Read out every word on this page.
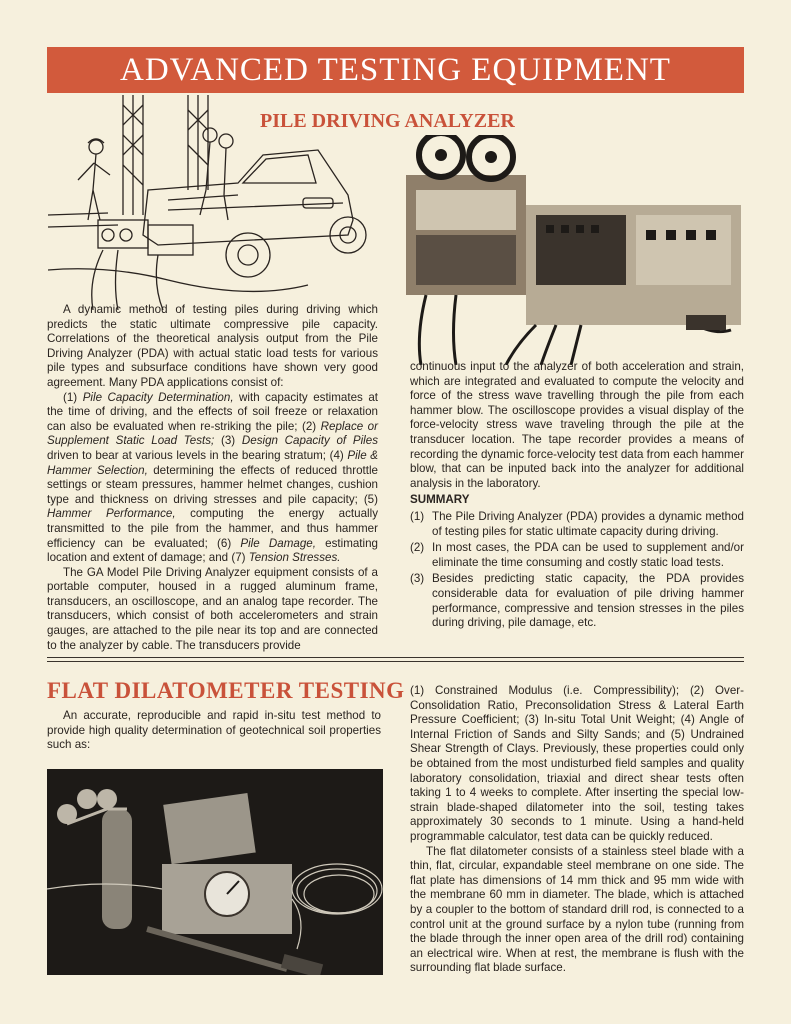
ADVANCED TESTING EQUIPMENT
PILE DRIVING ANALYZER

A dynamic method of testing piles during driving which predicts the static ultimate compressive pile capacity. Correlations of the theoretical analysis output from the Pile Driving Analyzer (PDA) with actual static load tests for various pile types and subsurface conditions have shown very good agreement. Many PDA applications consist of:

(1) Pile Capacity Determination, with capacity estimates at the time of driving, and the effects of soil freeze or relaxation can also be evaluated when re-striking the pile; (2) Replace or Supplement Static Load Tests; (3) Design Capacity of Piles driven to bear at various levels in the bearing stratum; (4) Pile & Hammer Selection, determining the effects of reduced throttle settings or steam pressures, hammer helmet changes, cushion type and thickness on driving stresses and pile capacity; (5) Hammer Performance, computing the energy actually transmitted to the pile from the hammer, and thus hammer efficiency can be evaluated; (6) Pile Damage, estimating location and extent of damage; and (7) Tension Stresses.

The GA Model Pile Driving Analyzer equipment consists of a portable computer, housed in a rugged aluminum frame, transducers, an oscilloscope, and an analog tape recorder. The transducers, which consist of both accelerometers and strain gauges, are attached to the pile near its top and are connected to the analyzer by cable. The transducers provide

continuous input to the analyzer of both acceleration and strain, which are integrated and evaluated to compute the velocity and force of the stress wave travelling through the pile from each hammer blow. The oscilloscope provides a visual display of the force-velocity stress wave traveling through the pile at the transducer location. The tape recorder provides a means of recording the dynamic force-velocity test data from each hammer blow, that can be inputed back into the analyzer for additional analysis in the laboratory.

SUMMARY
(1) The Pile Driving Analyzer (PDA) provides a dynamic method of testing piles for static ultimate capacity during driving.
(2) In most cases, the PDA can be used to supplement and/or eliminate the time consuming and costly static load tests.
(3) Besides predicting static capacity, the PDA provides considerable data for evaluation of pile driving hammer performance, compressive and tension stresses in the piles during driving, pile damage, etc.
FLAT DILATOMETER TESTING

An accurate, reproducible and rapid in-situ test method to provide high quality determination of geotechnical soil properties such as:

(1) Constrained Modulus (i.e. Compressibility); (2) Over-Consolidation Ratio, Preconsolidation Stress & Lateral Earth Pressure Coefficient; (3) In-situ Total Unit Weight; (4) Angle of Internal Friction of Sands and Silty Sands; and (5) Undrained Shear Strength of Clays. Previously, these properties could only be obtained from the most undisturbed field samples and quality laboratory consolidation, triaxial and direct shear tests often taking 1 to 4 weeks to complete. After inserting the special low-strain blade-shaped dilatometer into the soil, testing takes approximately 30 seconds to 1 minute. Using a hand-held programmable calculator, test data can be quickly reduced.

The flat dilatometer consists of a stainless steel blade with a thin, flat, circular, expandable steel membrane on one side. The flat plate has dimensions of 14 mm thick and 95 mm wide with the membrane 60 mm in diameter. The blade, which is attached by a coupler to the bottom of standard drill rod, is connected to a control unit at the ground surface by a nylon tube (running from the blade through the inner open area of the drill rod) containing an electrical wire. When at rest, the membrane is flush with the surrounding flat blade surface.
